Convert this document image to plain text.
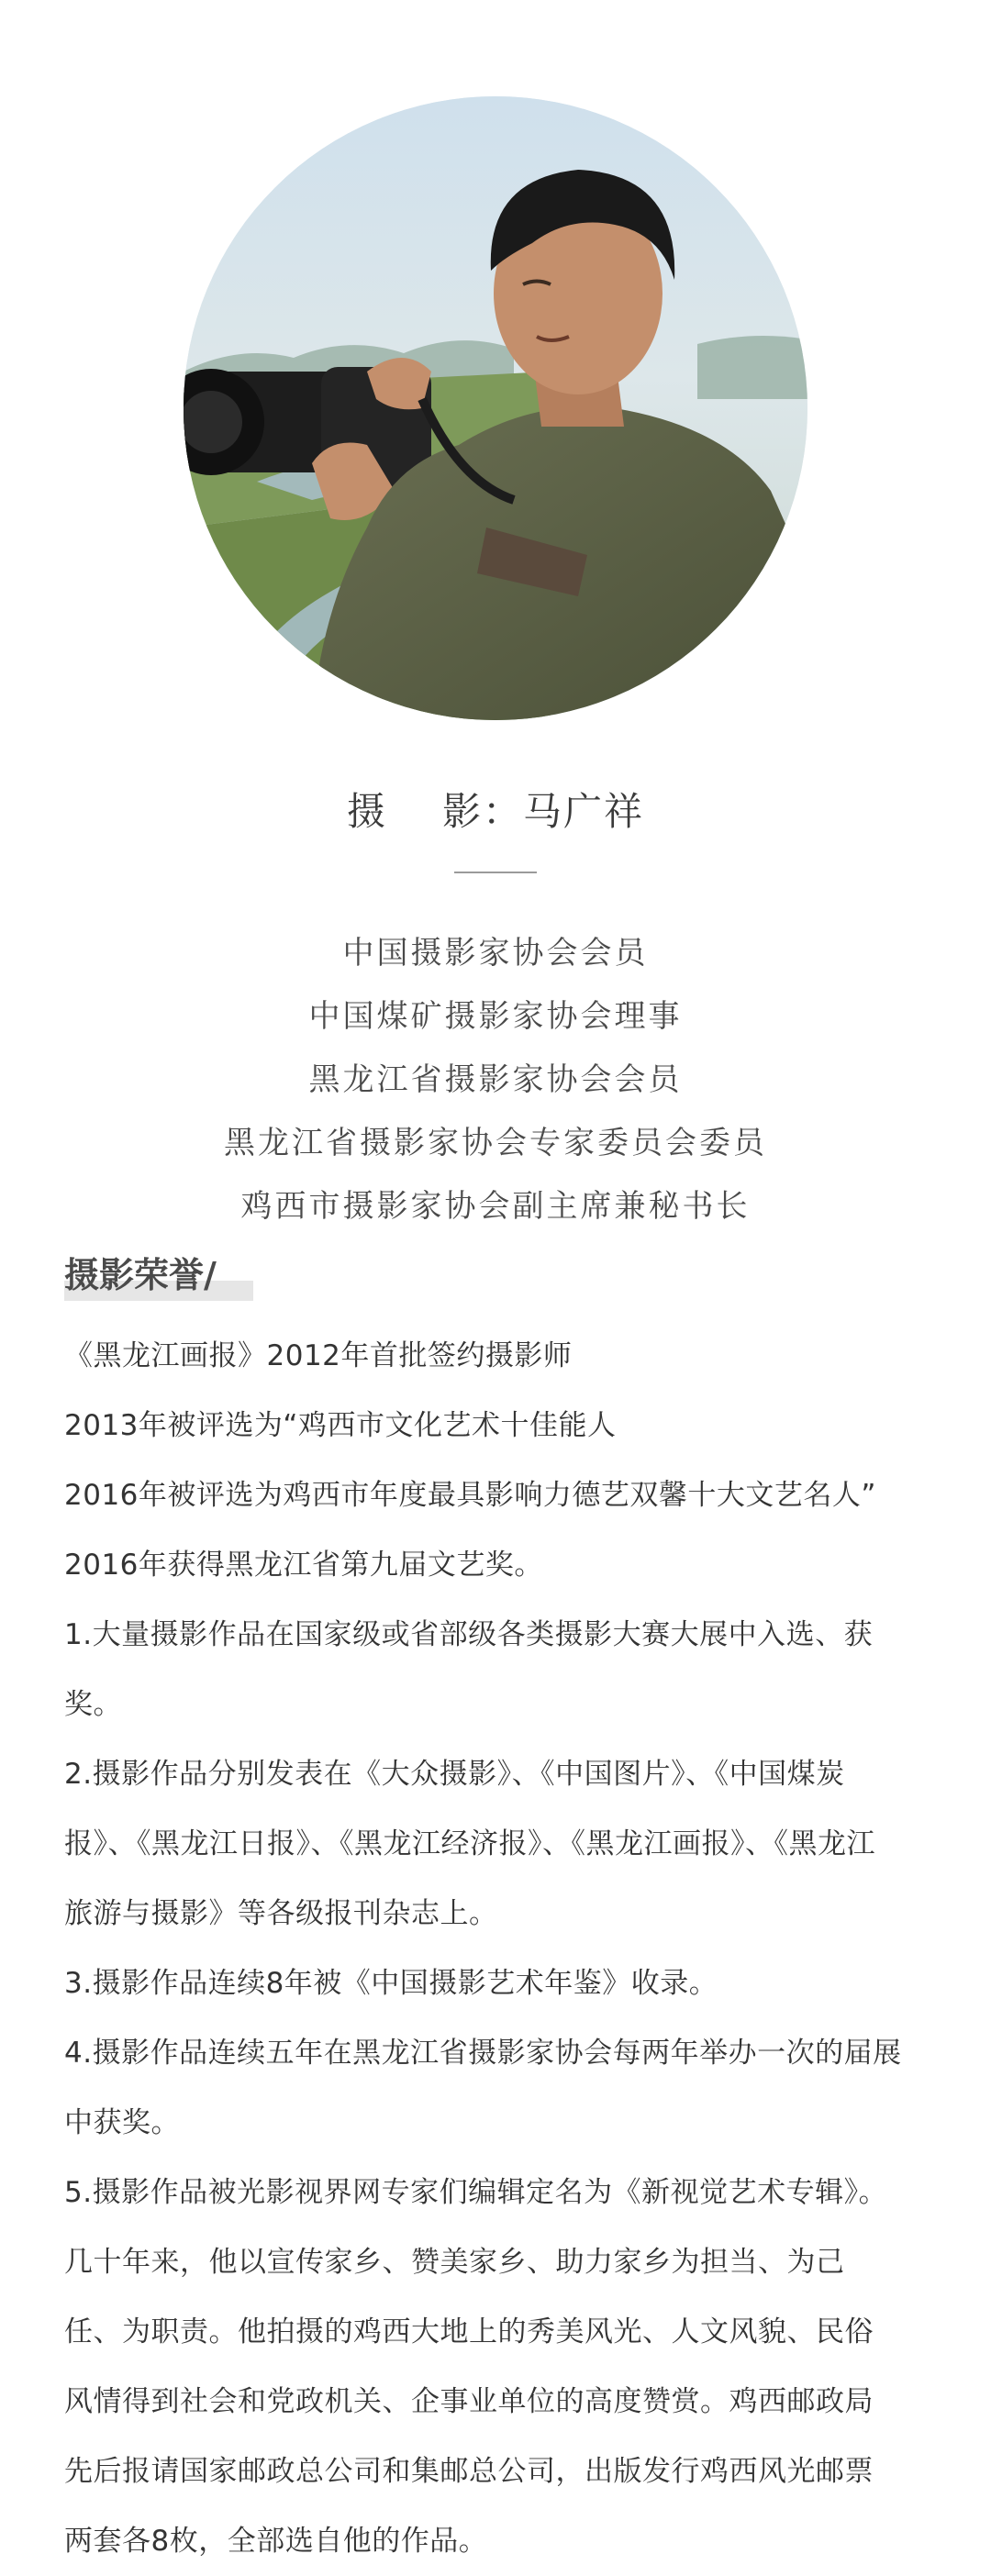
摄 影：马广祥
中国摄影家协会会员
中国煤矿摄影家协会理事
黑龙江省摄影家协会会员
黑龙江省摄影家协会专家委员会委员
鸡西市摄影家协会副主席兼秘书长
摄影荣誉/

《黑龙江画报》2012年首批签约摄影师

2013年被评选为“鸡西市文化艺术十佳能人

2016年被评选为鸡西市年度最具影响力德艺双馨十大文艺名人”

2016年获得黑龙江省第九届文艺奖。

1.大量摄影作品在国家级或省部级各类摄影大赛大展中入选、获

奖。

2.摄影作品分别发表在《大众摄影》、《中国图片》、《中国煤炭

报》、《黑龙江日报》、《黑龙江经济报》、《黑龙江画报》、《黑龙江

旅游与摄影》等各级报刊杂志上。

3.摄影作品连续8年被《中国摄影艺术年鉴》收录。

4.摄影作品连续五年在黑龙江省摄影家协会每两年举办一次的届展

中获奖。

5.摄影作品被光影视界网专家们编辑定名为《新视觉艺术专辑》。

几十年来，他以宣传家乡、赞美家乡、助力家乡为担当、为己

任、为职责。他拍摄的鸡西大地上的秀美风光、人文风貌、民俗

风情得到社会和党政机关、企事业单位的高度赞赏。鸡西邮政局

先后报请国家邮政总公司和集邮总公司，出版发行鸡西风光邮票

两套各8枚，全部选自他的作品。
